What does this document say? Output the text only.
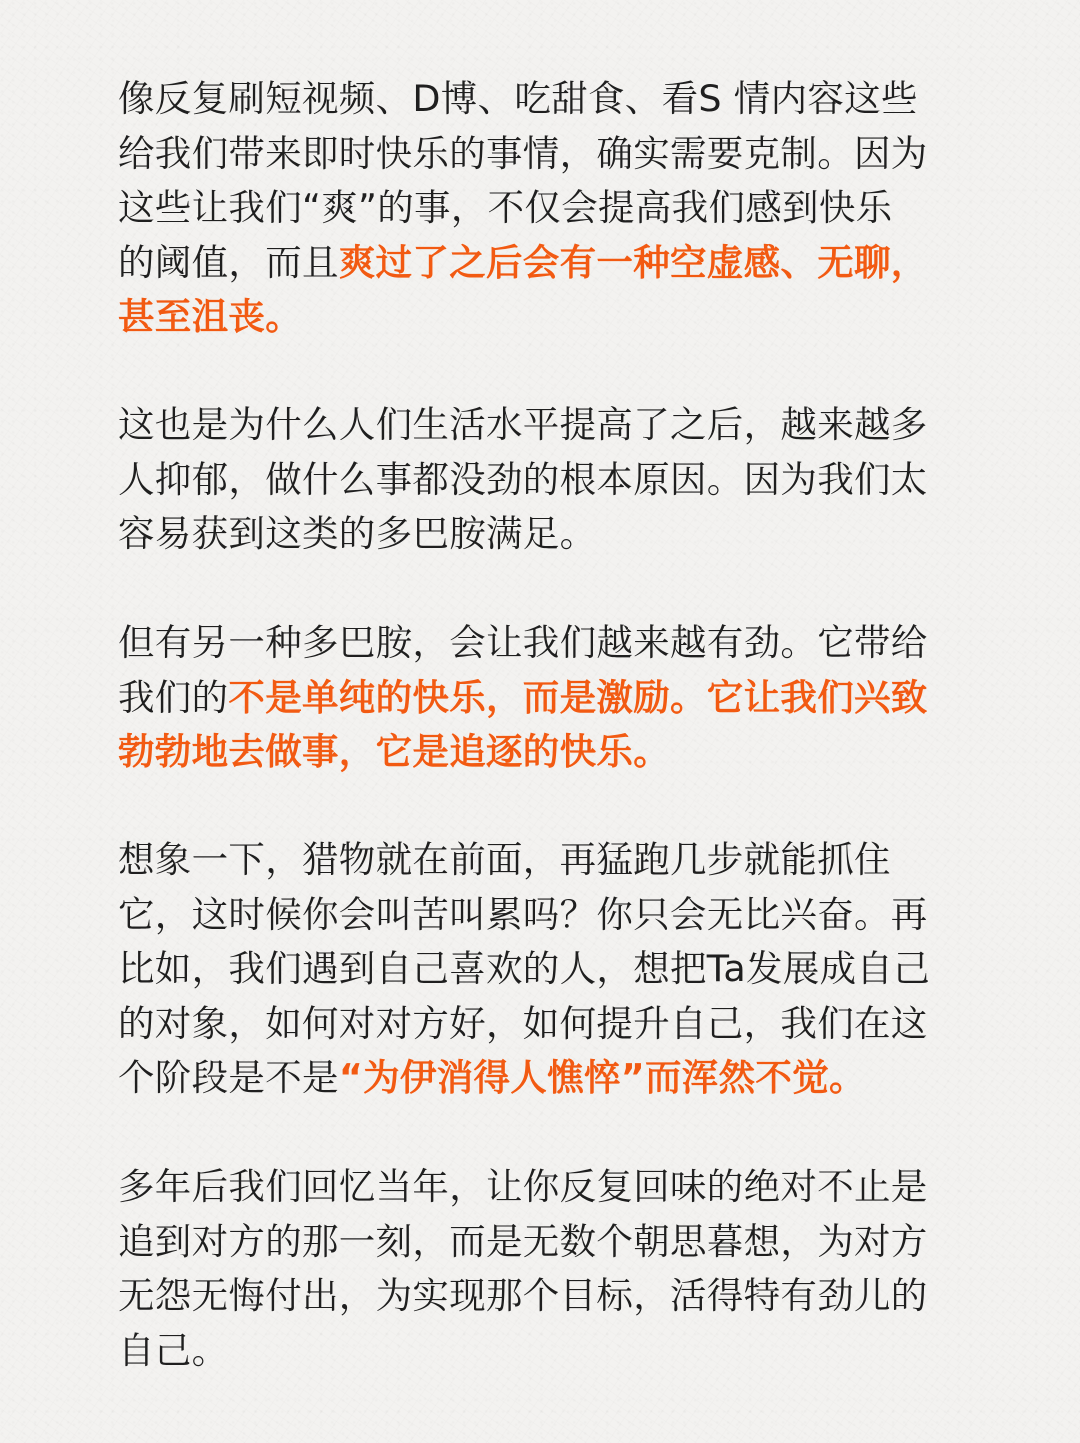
像反复刷短视频、D博、吃甜食、看S 情内容这些
给我们带来即时快乐的事情，确实需要克制。因为
这些让我们“爽”的事，不仅会提高我们感到快乐
的阈值，而且爽过了之后会有一种空虚感、无聊，
甚至沮丧。

这也是为什么人们生活水平提高了之后，越来越多
人抑郁，做什么事都没劲的根本原因。因为我们太
容易获到这类的多巴胺满足。

但有另一种多巴胺，会让我们越来越有劲。它带给
我们的不是单纯的快乐，而是激励。它让我们兴致
勃勃地去做事，它是追逐的快乐。

想象一下，猎物就在前面，再猛跑几步就能抓住
它，这时候你会叫苦叫累吗？你只会无比兴奋。再
比如，我们遇到自己喜欢的人，想把Ta发展成自己
的对象，如何对对方好，如何提升自己，我们在这
个阶段是不是“为伊消得人憔悴”而浑然不觉。

多年后我们回忆当年，让你反复回味的绝对不止是
追到对方的那一刻，而是无数个朝思暮想，为对方
无怨无悔付出，为实现那个目标，活得特有劲儿的
自己。
